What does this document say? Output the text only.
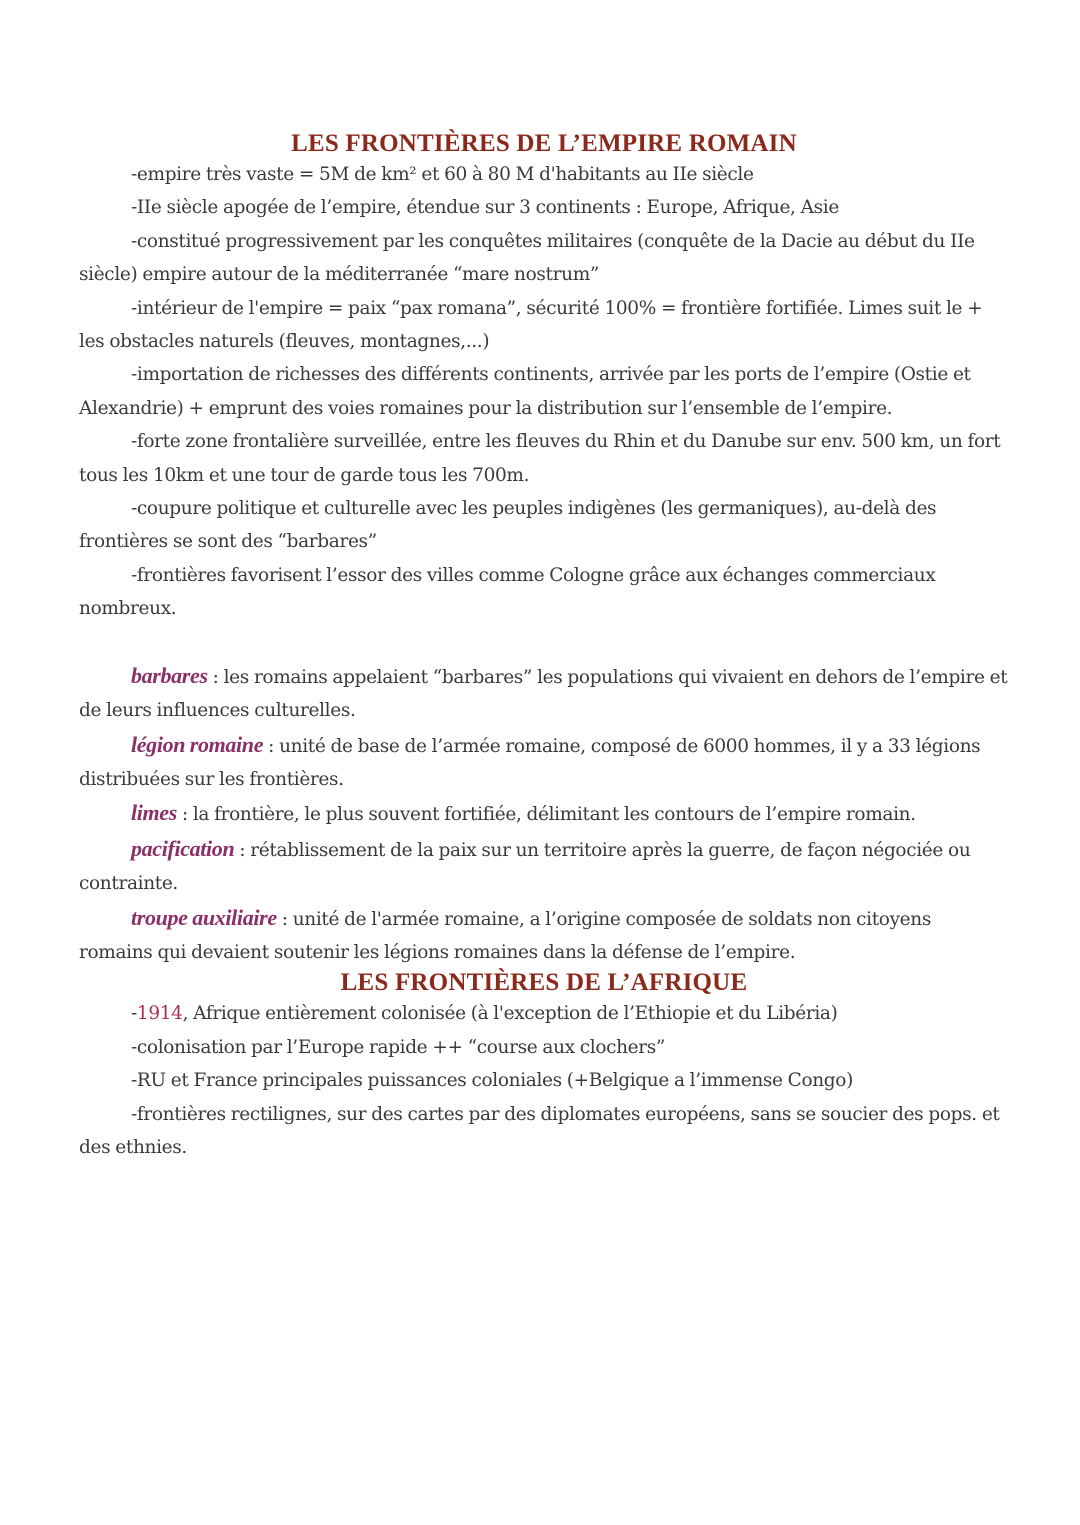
LES FRONTIÈRES DE L’EMPIRE ROMAIN

-empire très vaste = 5M de km² et 60 à 80 M d'habitants au IIe siècle

-IIe siècle apogée de l’empire, étendue sur 3 continents : Europe, Afrique, Asie

-constitué progressivement par les conquêtes militaires (conquête de la Dacie au début du IIe siècle) empire autour de la méditerranée “mare nostrum”

-intérieur de l'empire = paix “pax romana”, sécurité 100% = frontière fortifiée. Limes suit le + les obstacles naturels (fleuves, montagnes,...)

-importation de richesses des différents continents, arrivée par les ports de l’empire (Ostie et Alexandrie) + emprunt des voies romaines pour la distribution sur l’ensemble de l’empire.

-forte zone frontalière surveillée, entre les fleuves du Rhin et du Danube sur env. 500 km, un fort tous les 10km et une tour de garde tous les 700m.

-coupure politique et culturelle avec les peuples indigènes (les germaniques), au-delà des frontières se sont des “barbares”

-frontières favorisent l’essor des villes comme Cologne grâce aux échanges commerciaux nombreux.

barbares : les romains appelaient “barbares” les populations qui vivaient en dehors de l’empire et de leurs influences culturelles.

légion romaine : unité de base de l’armée romaine, composé de 6000 hommes, il y a 33 légions distribuées sur les frontières.

limes : la frontière, le plus souvent fortifiée, délimitant les contours de l’empire romain.

pacification : rétablissement de la paix sur un territoire après la guerre, de façon négociée ou contrainte.

troupe auxiliaire : unité de l'armée romaine, a l’origine composée de soldats non citoyens romains qui devaient soutenir les légions romaines dans la défense de l’empire.

LES FRONTIÈRES DE L’AFRIQUE

-1914, Afrique entièrement colonisée (à l'exception de l’Ethiopie et du Libéria)

-colonisation par l’Europe rapide ++ “course aux clochers”

-RU et France principales puissances coloniales (+Belgique a l’immense Congo)

-frontières rectilignes, sur des cartes par des diplomates européens, sans se soucier des pops. et des ethnies.
